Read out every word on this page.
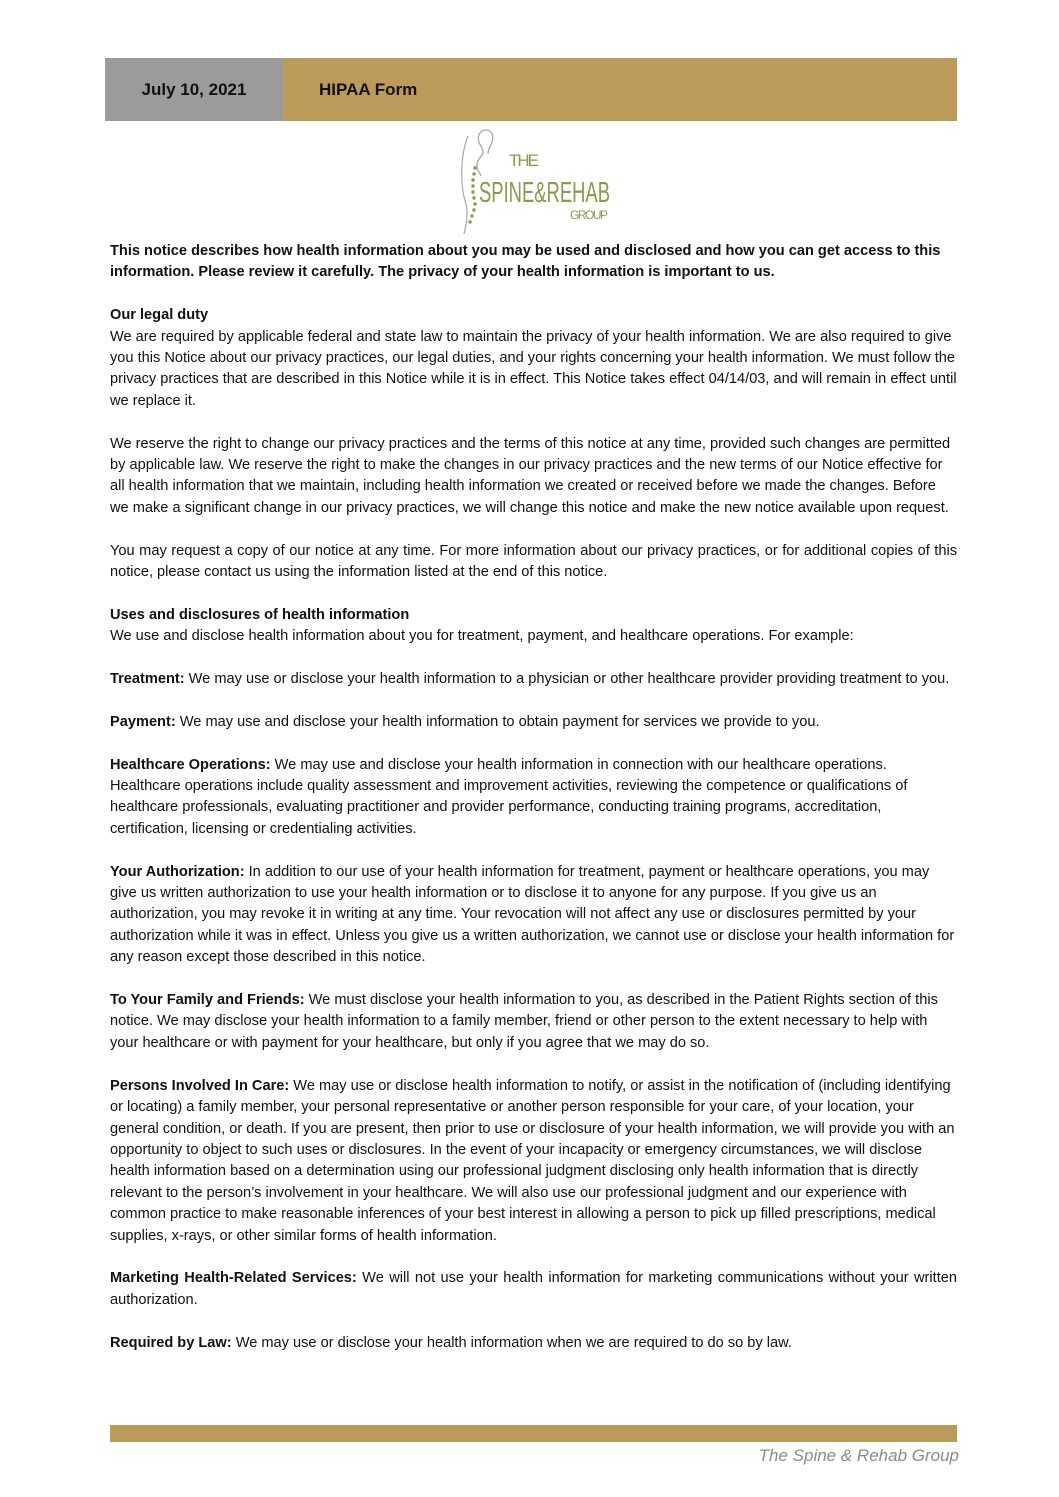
July 10, 2021	HIPAA Form
THE
SPINE&REHAB
GROUP

This notice describes how health information about you may be used and disclosed and how you can get access to this information. Please review it carefully. The privacy of your health information is important to us.

Our legal duty
We are required by applicable federal and state law to maintain the privacy of your health information. We are also required to give you this Notice about our privacy practices, our legal duties, and your rights concerning your health information. We must follow the privacy practices that are described in this Notice while it is in effect. This Notice takes effect 04/14/03, and will remain in effect until we replace it.

We reserve the right to change our privacy practices and the terms of this notice at any time, provided such changes are permitted by applicable law. We reserve the right to make the changes in our privacy practices and the new terms of our Notice effective for all health information that we maintain, including health information we created or received before we made the changes. Before we make a significant change in our privacy practices, we will change this notice and make the new notice available upon request.

You may request a copy of our notice at any time. For more information about our privacy practices, or for additional copies of this notice, please contact us using the information listed at the end of this notice.

Uses and disclosures of health information
We use and disclose health information about you for treatment, payment, and healthcare operations. For example:

Treatment: We may use or disclose your health information to a physician or other healthcare provider providing treatment to you.

Payment: We may use and disclose your health information to obtain payment for services we provide to you.

Healthcare Operations: We may use and disclose your health information in connection with our healthcare operations. Healthcare operations include quality assessment and improvement activities, reviewing the competence or qualifications of healthcare professionals, evaluating practitioner and provider performance, conducting training programs, accreditation, certification, licensing or credentialing activities.

Your Authorization: In addition to our use of your health information for treatment, payment or healthcare operations, you may give us written authorization to use your health information or to disclose it to anyone for any purpose. If you give us an authorization, you may revoke it in writing at any time. Your revocation will not affect any use or disclosures permitted by your authorization while it was in effect. Unless you give us a written authorization, we cannot use or disclose your health information for any reason except those described in this notice.

To Your Family and Friends: We must disclose your health information to you, as described in the Patient Rights section of this notice. We may disclose your health information to a family member, friend or other person to the extent necessary to help with your healthcare or with payment for your healthcare, but only if you agree that we may do so.

Persons Involved In Care: We may use or disclose health information to notify, or assist in the notification of (including identifying or locating) a family member, your personal representative or another person responsible for your care, of your location, your general condition, or death. If you are present, then prior to use or disclosure of your health information, we will provide you with an opportunity to object to such uses or disclosures. In the event of your incapacity or emergency circumstances, we will disclose health information based on a determination using our professional judgment disclosing only health information that is directly relevant to the person’s involvement in your healthcare. We will also use our professional judgment and our experience with common practice to make reasonable inferences of your best interest in allowing a person to pick up filled prescriptions, medical supplies, x-rays, or other similar forms of health information.

Marketing Health-Related Services: We will not use your health information for marketing communications without your written authorization.

Required by Law: We may use or disclose your health information when we are required to do so by law.

The Spine & Rehab Group
